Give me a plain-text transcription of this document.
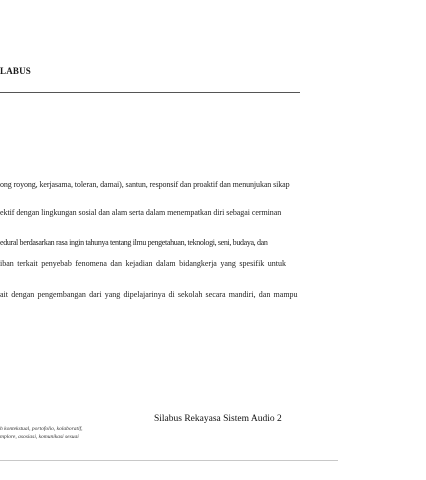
LABUS
ong royong, kerjasama, toleran, damai), santun, responsif dan proaktif dan menunjukan sikap
ektif dengan lingkungan sosial dan alam serta dalam menempatkan diri sebagai cerminan
edural berdasarkan rasa ingin tahunya tentang ilmu pengetahuan, teknologi, seni, budaya, dan
iban terkait penyebab fenomena dan kejadian dalam bidangkerja yang spesifik untuk
ait dengan pengembangan dari yang dipelajarinya di sekolah secara mandiri, dan mampu
Silabus Rekayasa Sistem Audio 2
h kontekstual, portofolio, kolaboratif,
mplore, asosiasi, komunikasi sesuai
